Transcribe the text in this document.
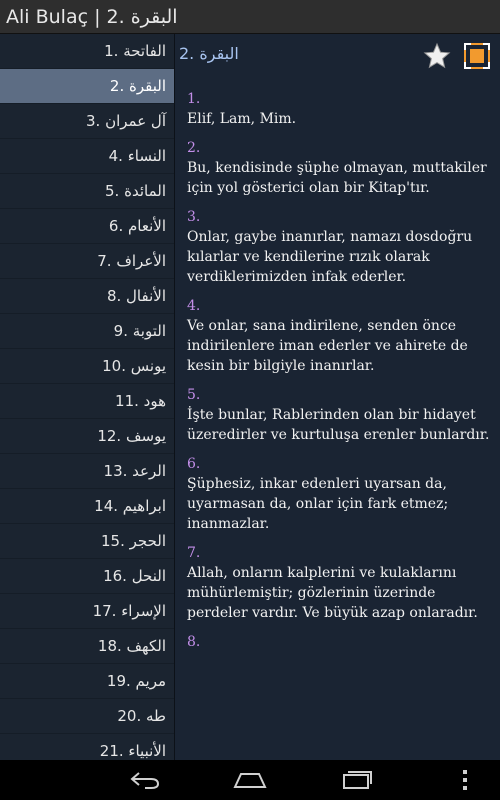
Ali Bulaç | 2. البقرة
1. الفاتحة
2. البقرة
3. آل عمران
4. النساء
5. المائدة
6. الأنعام
7. الأعراف
8. الأنفال
9. التوبة
10. يونس
11. هود
12. يوسف
13. الرعد
14. ابراهيم
15. الحجر
16. النحل
17. الإسراء
18. الكهف
19. مريم
20. طه
21. الأنبياء
2. البقرة
1.
Elif, Lam, Mim.
2.
Bu, kendisinde şüphe olmayan, muttakiler için yol gösterici olan bir Kitap'tır.
3.
Onlar, gaybe inanırlar, namazı dosdoğru kılarlar ve kendilerine rızık olarak verdiklerimizden infak ederler.
4.
Ve onlar, sana indirilene, senden önce indirilenlere iman ederler ve ahirete de kesin bir bilgiyle inanırlar.
5.
İşte bunlar, Rablerinden olan bir hidayet üzeredirler ve kurtuluşa erenler bunlardır.
6.
Şüphesiz, inkar edenleri uyarsan da, uyarmasan da, onlar için fark etmez; inanmazlar.
7.
Allah, onların kalplerini ve kulaklarını mühürlemiştir; gözlerinin üzerinde perdeler vardır. Ve büyük azap onlaradır.
8.
